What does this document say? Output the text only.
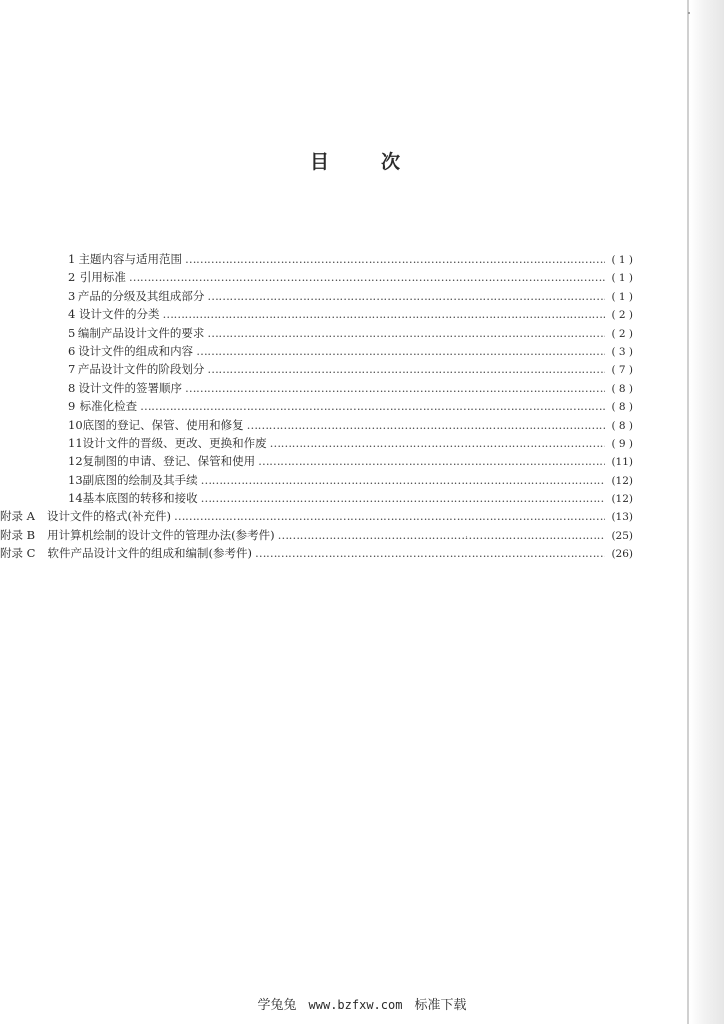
目	次
1 主题内容与适用范围 …………………………………………………………………………………………………………………………………………………………………………………………………	( 1 )
2 引用标准 …………………………………………………………………………………………………………………………………………………………………………………………………	( 1 )
3 产品的分级及其组成部分 …………………………………………………………………………………………………………………………………………………………………………………………………	( 1 )
4 设计文件的分类 …………………………………………………………………………………………………………………………………………………………………………………………………	( 2 )
5 编制产品设计文件的要求 …………………………………………………………………………………………………………………………………………………………………………………………………	( 2 )
6 设计文件的组成和内容 …………………………………………………………………………………………………………………………………………………………………………………………………	( 3 )
7 产品设计文件的阶段划分 …………………………………………………………………………………………………………………………………………………………………………………………………	( 7 )
8 设计文件的签署顺序 …………………………………………………………………………………………………………………………………………………………………………………………………	( 8 )
9 标准化检查 …………………………………………………………………………………………………………………………………………………………………………………………………	( 8 )
10 底图的登记、保管、使用和修复 …………………………………………………………………………………………………………………………………………………………………………………………………	( 8 )
11 设计文件的晋级、更改、更换和作废 …………………………………………………………………………………………………………………………………………………………………………………………………	( 9 )
12 复制图的申请、登记、保管和使用 …………………………………………………………………………………………………………………………………………………………………………………………………	(11)
13 副底图的绘制及其手续 …………………………………………………………………………………………………………………………………………………………………………………………………	(12)
14 基本底图的转移和接收 …………………………………………………………………………………………………………………………………………………………………………………………………	(12)
附录 A 设计文件的格式(补充件) …………………………………………………………………………………………………………………………………………………………………………………………………	(13)
附录 B 用计算机绘制的设计文件的管理办法(参考件) …………………………………………………………………………………………………………………………………………………………………………………………………	(25)
附录 C 软件产品设计文件的组成和编制(参考件) …………………………………………………………………………………………………………………………………………………………………………………………………	(26)
学兔兔 www.bzfxw.com 标准下载
